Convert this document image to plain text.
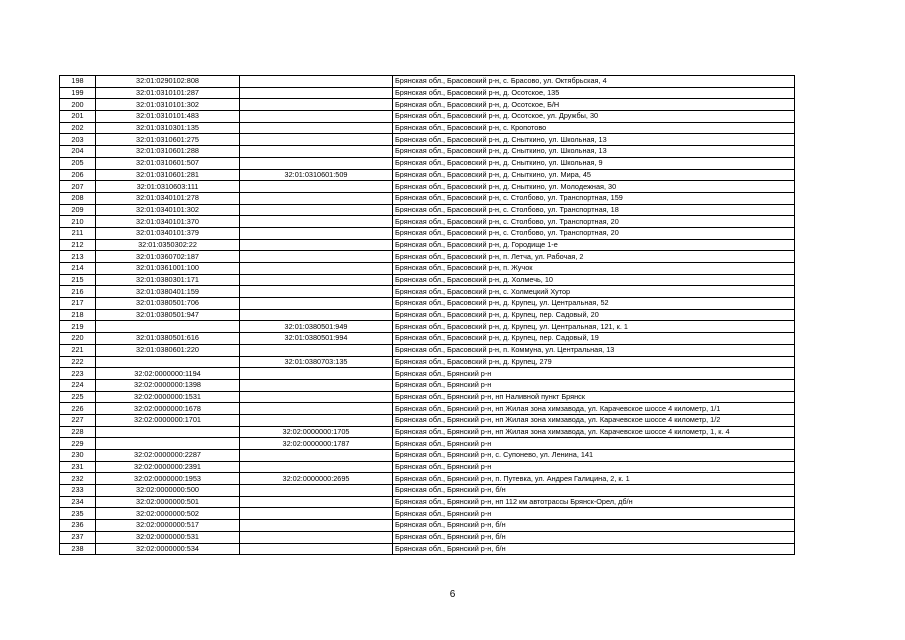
198	32:01:0290102:808		Брянская обл., Брасовский р-н, с. Брасово, ул. Октябрьская, 4
199	32:01:0310101:287		Брянская обл., Брасовский р-н, д. Осотское, 135
200	32:01:0310101:302		Брянская обл., Брасовский р-н, д. Осотское, Б/Н
201	32:01:0310101:483		Брянская обл., Брасовский р-н, д. Осотское, ул. Дружбы, 30
202	32:01:0310301:135		Брянская обл., Брасовский р-н, с. Кропотово
203	32:01:0310601:275		Брянская обл., Брасовский р-н, д. Сныткино, ул. Школьная, 13
204	32:01:0310601:288		Брянская обл., Брасовский р-н, д. Сныткино, ул. Школьная, 13
205	32:01:0310601:507		Брянская обл., Брасовский р-н, д. Сныткино, ул. Школьная, 9
206	32:01:0310601:281	32:01:0310601:509	Брянская обл., Брасовский р-н, д. Сныткино, ул. Мира, 45
207	32:01:0310603:111		Брянская обл., Брасовский р-н, д. Сныткино, ул. Молодежная, 30
208	32:01:0340101:278		Брянская обл., Брасовский р-н, с. Столбово, ул. Транспортная, 159
209	32:01:0340101:302		Брянская обл., Брасовский р-н, с. Столбово, ул. Транспортная, 18
210	32:01:0340101:370		Брянская обл., Брасовский р-н, с. Столбово, ул. Транспортная, 20
211	32:01:0340101:379		Брянская обл., Брасовский р-н, с. Столбово, ул. Транспортная, 20
212	32:01:0350302:22		Брянская обл., Брасовский р-н, д. Городище 1-е
213	32:01:0360702:187		Брянская обл., Брасовский р-н, п. Летча, ул. Рабочая, 2
214	32:01:0361001:100		Брянская обл., Брасовский р-н, п. Жучок
215	32:01:0380301:171		Брянская обл., Брасовский р-н, д. Холмечь, 10
216	32:01:0380401:159		Брянская обл., Брасовский р-н, с. Холмецкий Хутор
217	32:01:0380501:706		Брянская обл., Брасовский р-н, д. Крупец, ул. Центральная, 52
218	32:01:0380501:947		Брянская обл., Брасовский р-н, д. Крупец, пер. Садовый, 20
219		32:01:0380501:949	Брянская обл., Брасовский р-н, д. Крупец, ул. Центральная, 121, к. 1
220	32:01:0380501:616	32:01:0380501:994	Брянская обл., Брасовский р-н, д. Крупец, пер. Садовый, 19
221	32:01:0380601:220		Брянская обл., Брасовский р-н, п. Коммуна, ул. Центральная, 13
222		32:01:0380703:135	Брянская обл., Брасовский р-н, д. Крупец, 279
223	32:02:0000000:1194		Брянская обл., Брянский р-н
224	32:02:0000000:1398		Брянская обл., Брянский р-н
225	32:02:0000000:1531		Брянская обл., Брянский р-н, нп Наливной пункт Брянск
226	32:02:0000000:1678		Брянская обл., Брянский р-н, нп Жилая зона химзавода, ул. Карачевское шоссе 4 километр, 1/1
227	32:02:0000000:1701		Брянская обл., Брянский р-н, нп Жилая зона химзавода, ул. Карачевское шоссе 4 километр, 1/2
228		32:02:0000000:1705	Брянская обл., Брянский р-н, нп Жилая зона химзавода, ул. Карачевское шоссе 4 километр, 1, к. 4
229		32:02:0000000:1787	Брянская обл., Брянский р-н
230	32:02:0000000:2287		Брянская обл., Брянский р-н, с. Супонево, ул. Ленина, 141
231	32:02:0000000:2391		Брянская обл., Брянский р-н
232	32:02:0000000:1953	32:02:0000000:2695	Брянская обл., Брянский р-н, п. Путевка, ул. Андрея Галицина, 2, к. 1
233	32:02:0000000:500		Брянская обл., Брянский р-н, б/н
234	32:02:0000000:501		Брянская обл., Брянский р-н, нп 112 км автотрассы Брянск-Орел, дб/н
235	32:02:0000000:502		Брянская обл., Брянский р-н
236	32:02:0000000:517		Брянская обл., Брянский р-н, б/н
237	32:02:0000000:531		Брянская обл., Брянский р-н, б/н
238	32:02:0000000:534		Брянская обл., Брянский р-н, б/н
6
